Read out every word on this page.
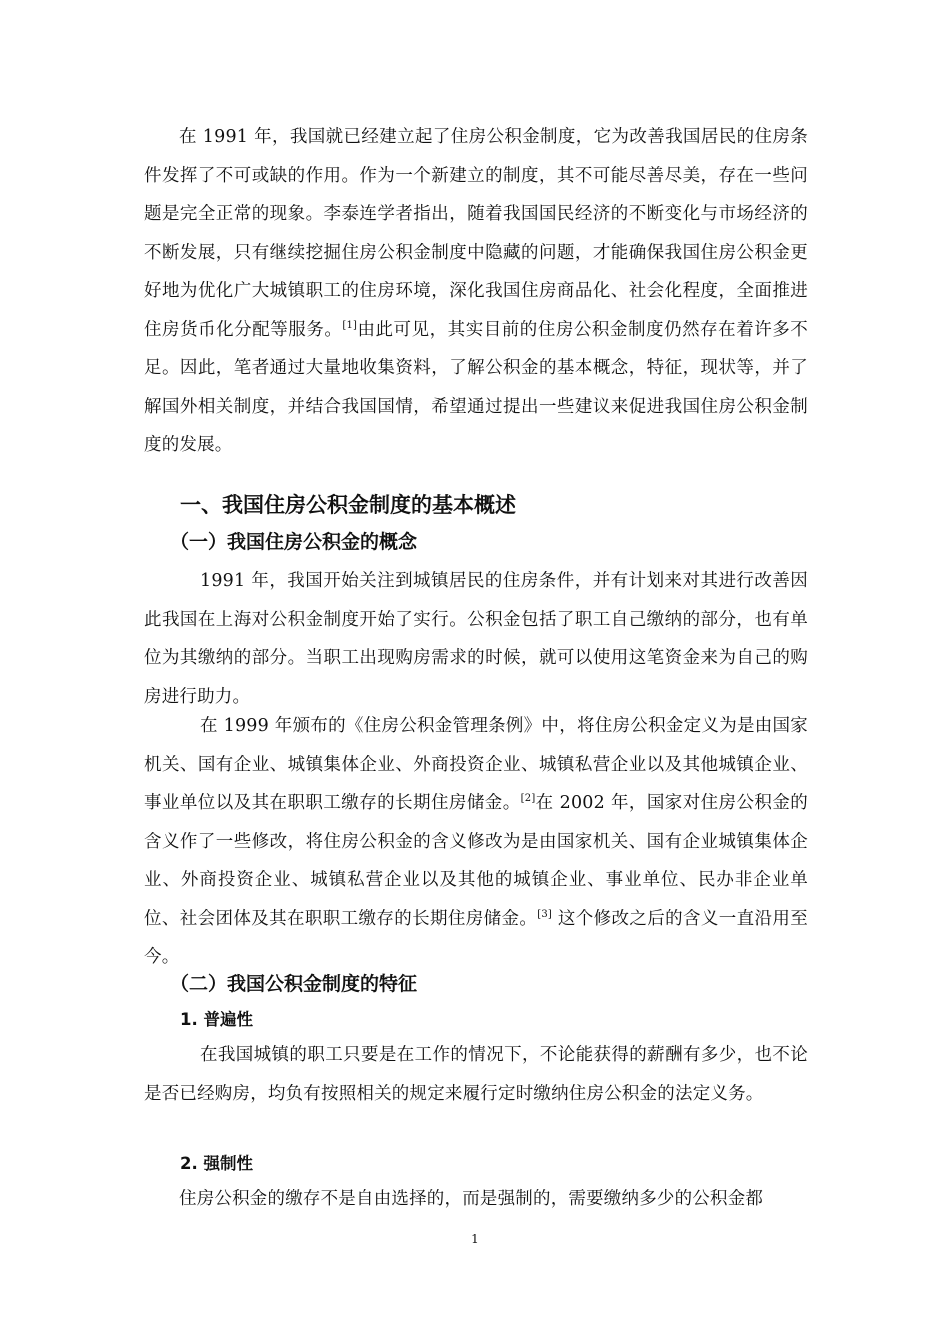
在 1991 年，我国就已经建立起了住房公积金制度，它为改善我国居民的住房条件发挥了不可或缺的作用。作为一个新建立的制度，其不可能尽善尽美，存在一些问题是完全正常的现象。李泰连学者指出，随着我国国民经济的不断变化与市场经济的不断发展，只有继续挖掘住房公积金制度中隐藏的问题，才能确保我国住房公积金更好地为优化广大城镇职工的住房环境，深化我国住房商品化、社会化程度，全面推进住房货币化分配等服务。[1]由此可见，其实目前的住房公积金制度仍然存在着许多不足。因此，笔者通过大量地收集资料，了解公积金的基本概念，特征，现状等，并了解国外相关制度，并结合我国国情，希望通过提出一些建议来促进我国住房公积金制度的发展。

一、我国住房公积金制度的基本概述
（一）我国住房公积金的概念

1991 年，我国开始关注到城镇居民的住房条件，并有计划来对其进行改善因此我国在上海对公积金制度开始了实行。公积金包括了职工自己缴纳的部分，也有单位为其缴纳的部分。当职工出现购房需求的时候，就可以使用这笔资金来为自己的购房进行助力。

在 1999 年颁布的《住房公积金管理条例》中，将住房公积金定义为是由国家机关、国有企业、城镇集体企业、外商投资企业、城镇私营企业以及其他城镇企业、事业单位以及其在职职工缴存的长期住房储金。[2]在 2002 年，国家对住房公积金的含义作了一些修改，将住房公积金的含义修改为是由国家机关、国有企业城镇集体企业、外商投资企业、城镇私营企业以及其他的城镇企业、事业单位、民办非企业单位、社会团体及其在职职工缴存的长期住房储金。[3] 这个修改之后的含义一直沿用至今。

（二）我国公积金制度的特征
1. 普遍性

在我国城镇的职工只要是在工作的情况下，不论能获得的薪酬有多少，也不论是否已经购房，均负有按照相关的规定来履行定时缴纳住房公积金的法定义务。

2. 强制性

住房公积金的缴存不是自由选择的，而是强制的，需要缴纳多少的公积金都

1
